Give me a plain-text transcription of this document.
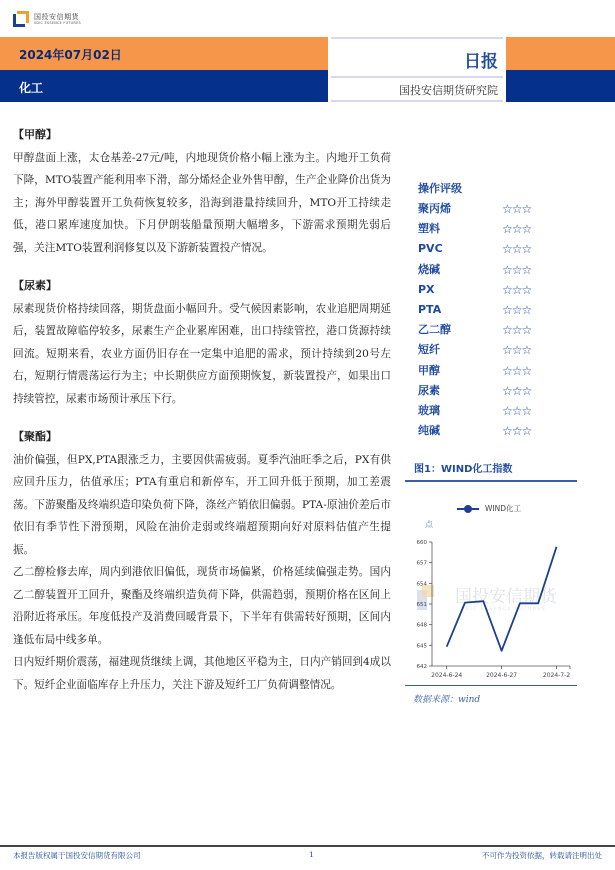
国投安信期货
SDIC ESSENCE FUTURES
2024年07月02日
化工
日报
国投安信期货研究院
【甲醇】

甲醇盘面上涨，太仓基差-27元/吨，内地现货价格小幅上涨为主。内地开工负荷下降，MTO装置产能利用率下滑，部分烯烃企业外售甲醇，生产企业降价出货为主；海外甲醇装置开工负荷恢复较多，沿海到港量持续回升，MTO开工持续走低，港口累库速度加快。下月伊朗装船量预期大幅增多，下游需求预期先弱后强，关注MTO装置利润修复以及下游新装置投产情况。

【尿素】

尿素现货价格持续回落，期货盘面小幅回升。受气候因素影响，农业追肥周期延后，装置故障临停较多，尿素生产企业累库困难，出口持续管控，港口货源持续回流。短期来看，农业方面仍旧存在一定集中追肥的需求，预计持续到20号左右，短期行情震荡运行为主；中长期供应方面预期恢复，新装置投产，如果出口持续管控，尿素市场预计承压下行。

【聚酯】

油价偏强，但PX,PTA跟涨乏力，主要因供需疲弱。夏季汽油旺季之后，PX有供应回升压力，估值承压；PTA有重启和新停车，开工回升低于预期，加工差震荡。下游聚酯及终端织造印染负荷下降，涤丝产销依旧偏弱。PTA-原油价差后市依旧有季节性下滑预期，风险在油价走弱或终端超预期向好对原料估值产生提振。

乙二醇检修去库，周内到港依旧偏低，现货市场偏紧，价格延续偏强走势。国内乙二醇装置开工回升，聚酯及终端织造负荷下降，供需趋弱，预期价格在区间上沿附近将承压。年度低投产及消费回暖背景下，下半年有供需转好预期，区间内逢低布局中线多单。

日内短纤期价震荡，福建现货继续上调，其他地区平稳为主，日内产销回到4成以下。短纤企业面临库存上升压力，关注下游及短纤工厂负荷调整情况。

操作评级
聚丙烯	☆☆☆
塑料	☆☆☆
PVC	☆☆☆
烧碱	☆☆☆
PX	☆☆☆
PTA	☆☆☆
乙二醇	☆☆☆
短纤	☆☆☆
甲醇	☆☆☆
尿素	☆☆☆
玻璃	☆☆☆
纯碱	☆☆☆
图1：WIND化工指数
WIND化工
点
国投安信期货
SDIC ESSENCE FUTURES
642
645
648
651
654
657
660
2024-6-24	2024-6-27	2024-7-2
数据来源：wind
本报告版权属于国投安信期货有限公司	1	不可作为投资依据，转载请注明出处
